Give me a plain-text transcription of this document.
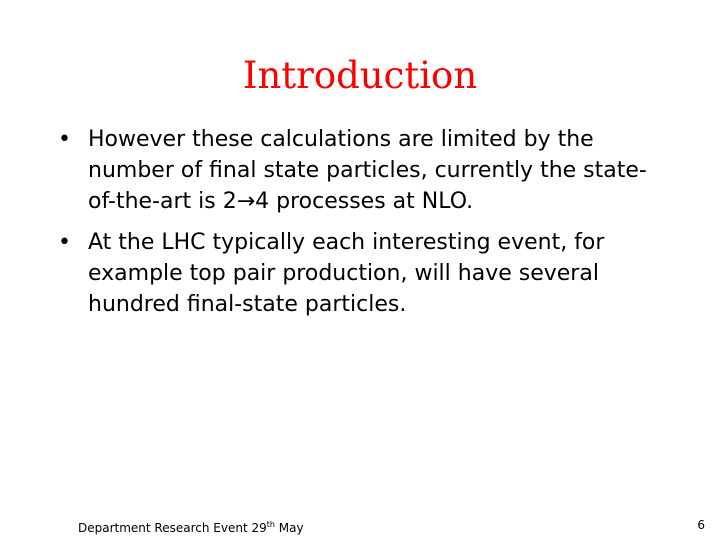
Introduction
• However these calculations are limited by the number of final state particles, currently the state-of-the-art is 2→4 processes at NLO.
• At the LHC typically each interesting event, for example top pair production, will have several hundred final-state particles.
Department Research Event 29th May	6
